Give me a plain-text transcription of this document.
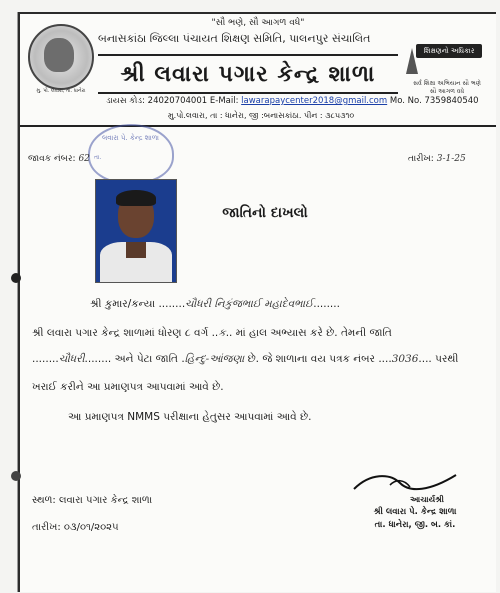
"સૌ ભણે, સૌ આગળ વધે"
મુ. પો. લવારા, તા. ધાનેરા
બનાસકાંઠા જિલ્લા પંચાયત શિક્ષણ સમિતિ, પાલનપુર સંચાલિત
શ્રી લવારા પગાર કેન્દ્ર શાળા
શિક્ષણનો અધિકાર
સર્વ શિક્ષા અભિયાન સૌ ભણે સૌ આગળ વધે
ડાયસ કોડ: 24020704001 E-Mail: lawarapaycenter2018@gmail.com Mo. No. 7359840540
મુ.પો.લવારા, તા : ધાનેરા, જી :બનાસકાંઠા. પીન : ૩૮૫૩૧૦
લવારા પે. કેન્દ્ર શાળા
તા.
જાવક નંબર: 62	તારીખ: 3-1-25
જાતિનો દાખલો
શ્રી કુમાર/કન્યા ........ચૌધરી નિકુંજભાઈ મહાદેવભાઈ........
શ્રી લવારા પગાર કેન્દ્ર શાળામાં ધોરણ ૮ વર્ગ ..ક.. માં હાલ અભ્યાસ કરે છે. તેમની જાતિ
........ચૌધરી........ અને પેટા જાતિ .હિન્દુ-આંજણા છે. જે શાળાના વય પત્રક નંબર ....3036.... પરથી
ખરાઈ કરીને આ પ્રમાણપત્ર આપવામાં આવે છે.
આ પ્રમાણપત્ર NMMS પરીક્ષાના હેતુસર આપવામાં આવે છે.
આચાર્યશ્રી
શ્રી લવારા પે. કેન્દ્ર શાળા
તા. ધાનેરા, જી. બ. કાં.
સ્થળ: લવારા પગાર કેન્દ્ર શાળા
તારીખ: ૦૩/૦૧/૨૦૨૫
